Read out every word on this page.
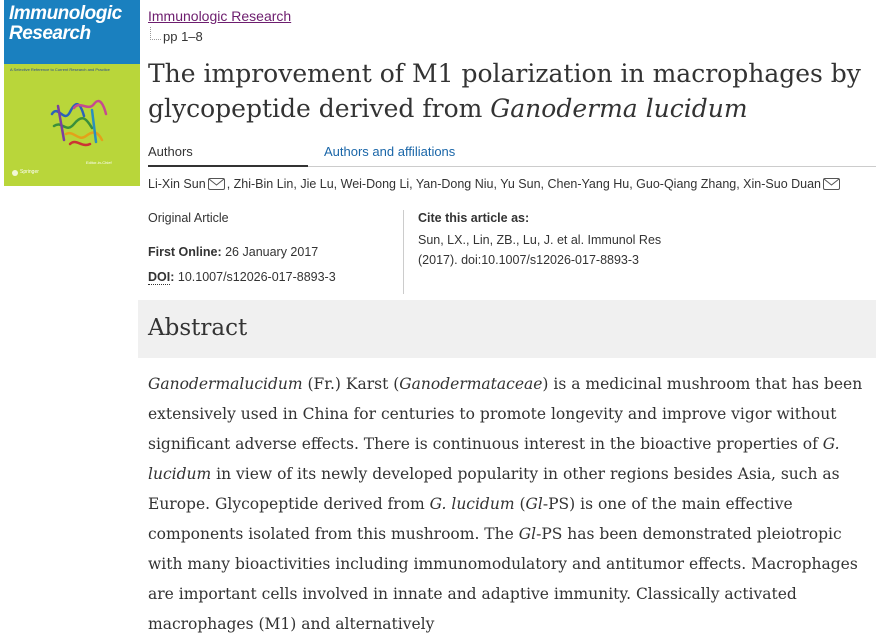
Immunologic
Research
A Selective Reference to Current Research and Practice
Springer
Editor-in-Chief
Immunologic Research
pp 1–8
The improvement of M1 polarization in macrophages by glycopeptide derived from Ganoderma lucidum
Authors	Authors and affiliations
Li-Xin Sun , Zhi-Bin Lin, Jie Lu, Wei-Dong Li, Yan-Dong Niu, Yu Sun, Chen-Yang Hu, Guo-Qiang Zhang, Xin-Suo Duan
Original Article
First Online: 26 January 2017
DOI: 10.1007/s12026-017-8893-3
Cite this article as:
Sun, LX., Lin, ZB., Lu, J. et al. Immunol Res (2017). doi:10.1007/s12026-017-8893-3
Abstract
Ganodermalucidum (Fr.) Karst (Ganodermataceae) is a medicinal mushroom that has been extensively used in China for centuries to promote longevity and improve vigor without significant adverse effects. There is continuous interest in the bioactive properties of G. lucidum in view of its newly developed popularity in other regions besides Asia, such as Europe. Glycopeptide derived from G. lucidum (Gl-PS) is one of the main effective components isolated from this mushroom. The Gl-PS has been demonstrated pleiotropic with many bioactivities including immunomodulatory and antitumor effects. Macrophages are important cells involved in innate and adaptive immunity. Classically activated macrophages (M1) and alternatively
